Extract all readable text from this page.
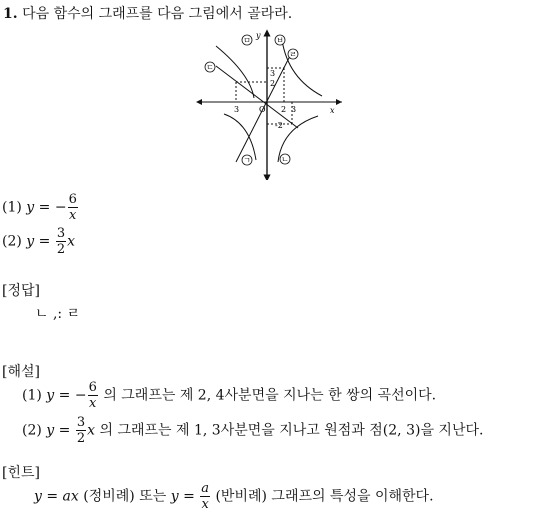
1. 다음 함수의 그래프를 다음 그림에서 골라라.
ㅁ	ㅂ
ㄷ
ㄹ
ㄱ	ㄴ
y
x
O
3
2
3	2 3
-2
(1) y = − $\frac{6}{x}$
(2) $y = \frac{3}{2}$ x
[정답]
ㄴ ,: ㄹ
[해설]
(1) y = − $\frac{6}{x}$ 의 그래프는 제 2, 4사분면을 지나는 한 쌍의 곡선이다.
(2) $y = \frac{3}{2}$ x 의 그래프는 제 1, 3사분면을 지나고 원점과 점(2, 3)을 지난다.
[힌트]
y = ax (정비례) 또는 $y = \frac{a}{x}$ (반비례) 그래프의 특성을 이해한다.
